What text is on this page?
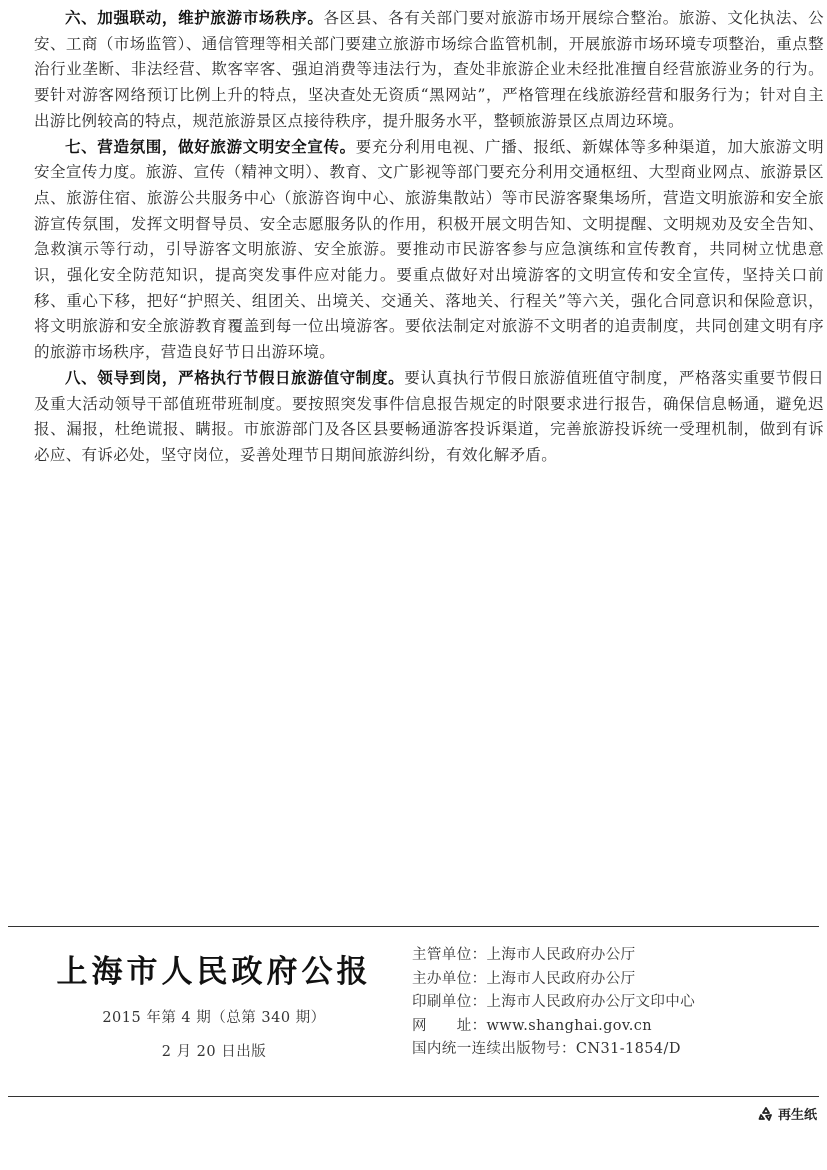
六、加强联动，维护旅游市场秩序。各区县、各有关部门要对旅游市场开展综合整治。旅游、文化执法、公安、工商（市场监管）、通信管理等相关部门要建立旅游市场综合监管机制，开展旅游市场环境专项整治，重点整治行业垄断、非法经营、欺客宰客、强迫消费等违法行为，查处非旅游企业未经批准擅自经营旅游业务的行为。要针对游客网络预订比例上升的特点，坚决查处无资质“黑网站”，严格管理在线旅游经营和服务行为；针对自主出游比例较高的特点，规范旅游景区点接待秩序，提升服务水平，整顿旅游景区点周边环境。

七、营造氛围，做好旅游文明安全宣传。要充分利用电视、广播、报纸、新媒体等多种渠道，加大旅游文明安全宣传力度。旅游、宣传（精神文明）、教育、文广影视等部门要充分利用交通枢纽、大型商业网点、旅游景区点、旅游住宿、旅游公共服务中心（旅游咨询中心、旅游集散站）等市民游客聚集场所，营造文明旅游和安全旅游宣传氛围，发挥文明督导员、安全志愿服务队的作用，积极开展文明告知、文明提醒、文明规劝及安全告知、急救演示等行动，引导游客文明旅游、安全旅游。要推动市民游客参与应急演练和宣传教育，共同树立忧患意识，强化安全防范知识，提高突发事件应对能力。要重点做好对出境游客的文明宣传和安全宣传，坚持关口前移、重心下移，把好“护照关、组团关、出境关、交通关、落地关、行程关”等六关，强化合同意识和保险意识，将文明旅游和安全旅游教育覆盖到每一位出境游客。要依法制定对旅游不文明者的追责制度，共同创建文明有序的旅游市场秩序，营造良好节日出游环境。

八、领导到岗，严格执行节假日旅游值守制度。要认真执行节假日旅游值班值守制度，严格落实重要节假日及重大活动领导干部值班带班制度。要按照突发事件信息报告规定的时限要求进行报告，确保信息畅通，避免迟报、漏报，杜绝谎报、瞒报。市旅游部门及各区县要畅通游客投诉渠道，完善旅游投诉统一受理机制，做到有诉必应、有诉必处，坚守岗位，妥善处理节日期间旅游纠纷，有效化解矛盾。

上海市人民政府公报
2015 年第 4 期（总第 340 期）
2 月 20 日出版
主管单位：上海市人民政府办公厅
主办单位：上海市人民政府办公厅
印刷单位：上海市人民政府办公厅文印中心
网　　址：www.shanghai.gov.cn
国内统一连续出版物号：CN31-1854/D
再生纸
